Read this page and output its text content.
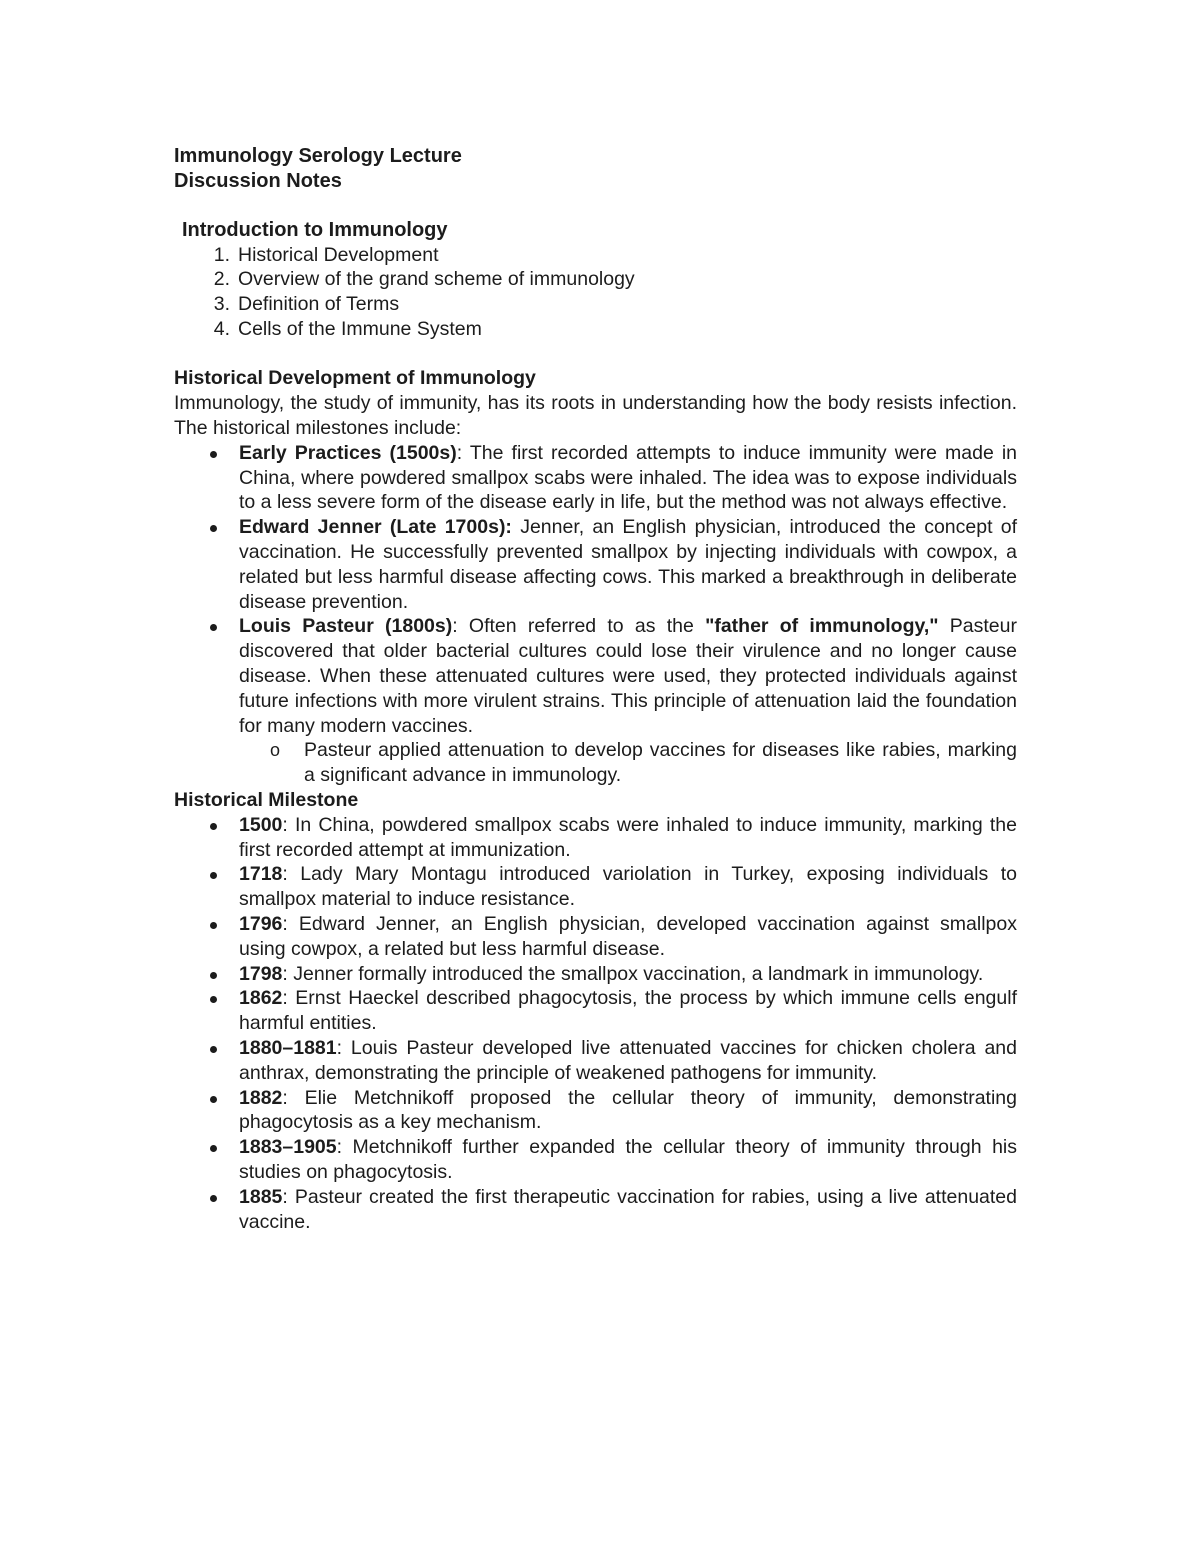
Immunology Serology Lecture

Discussion Notes

Introduction to Immunology

1. Historical Development
2. Overview of the grand scheme of immunology
3. Definition of Terms
4. Cells of the Immune System

Historical Development of Immunology

Immunology, the study of immunity, has its roots in understanding how the body resists infection. The historical milestones include:

Early Practices (1500s): The first recorded attempts to induce immunity were made in China, where powdered smallpox scabs were inhaled. The idea was to expose individuals to a less severe form of the disease early in life, but the method was not always effective.
Edward Jenner (Late 1700s): Jenner, an English physician, introduced the concept of vaccination. He successfully prevented smallpox by injecting individuals with cowpox, a related but less harmful disease affecting cows. This marked a breakthrough in deliberate disease prevention.
Louis Pasteur (1800s): Often referred to as the "father of immunology," Pasteur discovered that older bacterial cultures could lose their virulence and no longer cause disease. When these attenuated cultures were used, they protected individuals against future infections with more virulent strains. This principle of attenuation laid the foundation for many modern vaccines.
o Pasteur applied attenuation to develop vaccines for diseases like rabies, marking a significant advance in immunology.

Historical Milestone

1500: In China, powdered smallpox scabs were inhaled to induce immunity, marking the first recorded attempt at immunization.
1718: Lady Mary Montagu introduced variolation in Turkey, exposing individuals to smallpox material to induce resistance.
1796: Edward Jenner, an English physician, developed vaccination against smallpox using cowpox, a related but less harmful disease.
1798: Jenner formally introduced the smallpox vaccination, a landmark in immunology.
1862: Ernst Haeckel described phagocytosis, the process by which immune cells engulf harmful entities.
1880–1881: Louis Pasteur developed live attenuated vaccines for chicken cholera and anthrax, demonstrating the principle of weakened pathogens for immunity.
1882: Elie Metchnikoff proposed the cellular theory of immunity, demonstrating phagocytosis as a key mechanism.
1883–1905: Metchnikoff further expanded the cellular theory of immunity through his studies on phagocytosis.
1885: Pasteur created the first therapeutic vaccination for rabies, using a live attenuated vaccine.
